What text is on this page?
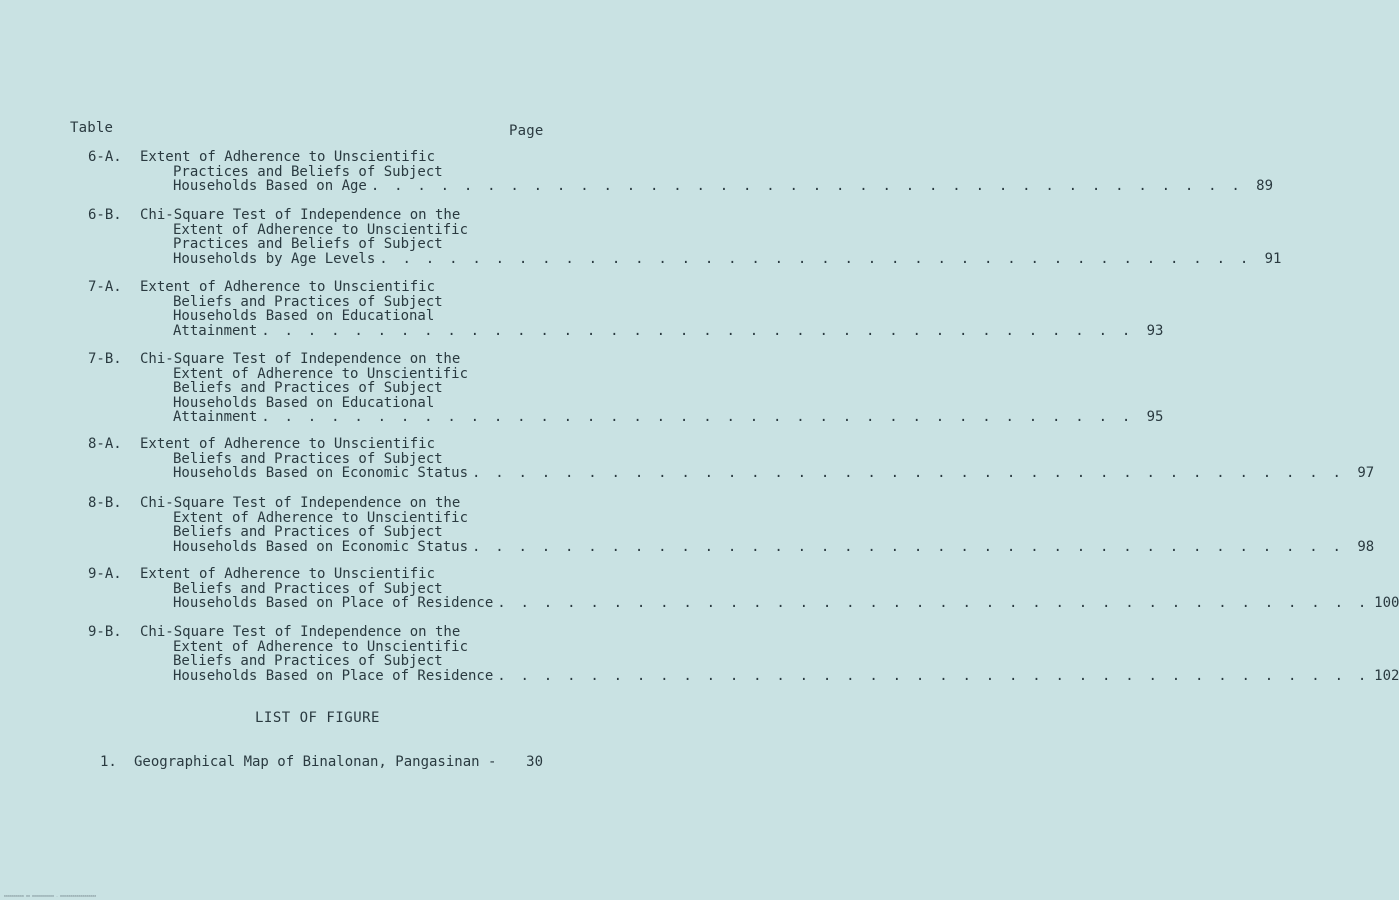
Table	Page
6-A. Extent of Adherence to Unscientific
Practices and Beliefs of Subject
Households Based on Age . . . . . . . . . . . . . . . . . . . . . . . . . . . . . . . . . . . . . . 89
6-B. Chi-Square Test of Independence on the
Extent of Adherence to Unscientific
Practices and Beliefs of Subject
Households by Age Levels . . . . . . . . . . . . . . . . . . . . . . . . . . . . . . . . . . . . . . 91
7-A. Extent of Adherence to Unscientific
Beliefs and Practices of Subject
Households Based on Educational
Attainment . . . . . . . . . . . . . . . . . . . . . . . . . . . . . . . . . . . . . . 93
7-B. Chi-Square Test of Independence on the
Extent of Adherence to Unscientific
Beliefs and Practices of Subject
Households Based on Educational
Attainment . . . . . . . . . . . . . . . . . . . . . . . . . . . . . . . . . . . . . . 95
8-A. Extent of Adherence to Unscientific
Beliefs and Practices of Subject
Households Based on Economic Status . . . . . . . . . . . . . . . . . . . . . . . . . . . . . . . . . . . . . . 97
8-B. Chi-Square Test of Independence on the
Extent of Adherence to Unscientific
Beliefs and Practices of Subject
Households Based on Economic Status . . . . . . . . . . . . . . . . . . . . . . . . . . . . . . . . . . . . . . 98
9-A. Extent of Adherence to Unscientific
Beliefs and Practices of Subject
Households Based on Place of Residence . . . . . . . . . . . . . . . . . . . . . . . . . . . . . . . . . . . . . . 100
9-B. Chi-Square Test of Independence on the
Extent of Adherence to Unscientific
Beliefs and Practices of Subject
Households Based on Place of Residence . . . . . . . . . . . . . . . . . . . . . . . . . . . . . . . . . . . . . . 102
LIST OF FIGURE
1.	Geographical Map of Binalonan, Pangasinan -	30
0000000000 00 00000000000 - 000000000000000000
